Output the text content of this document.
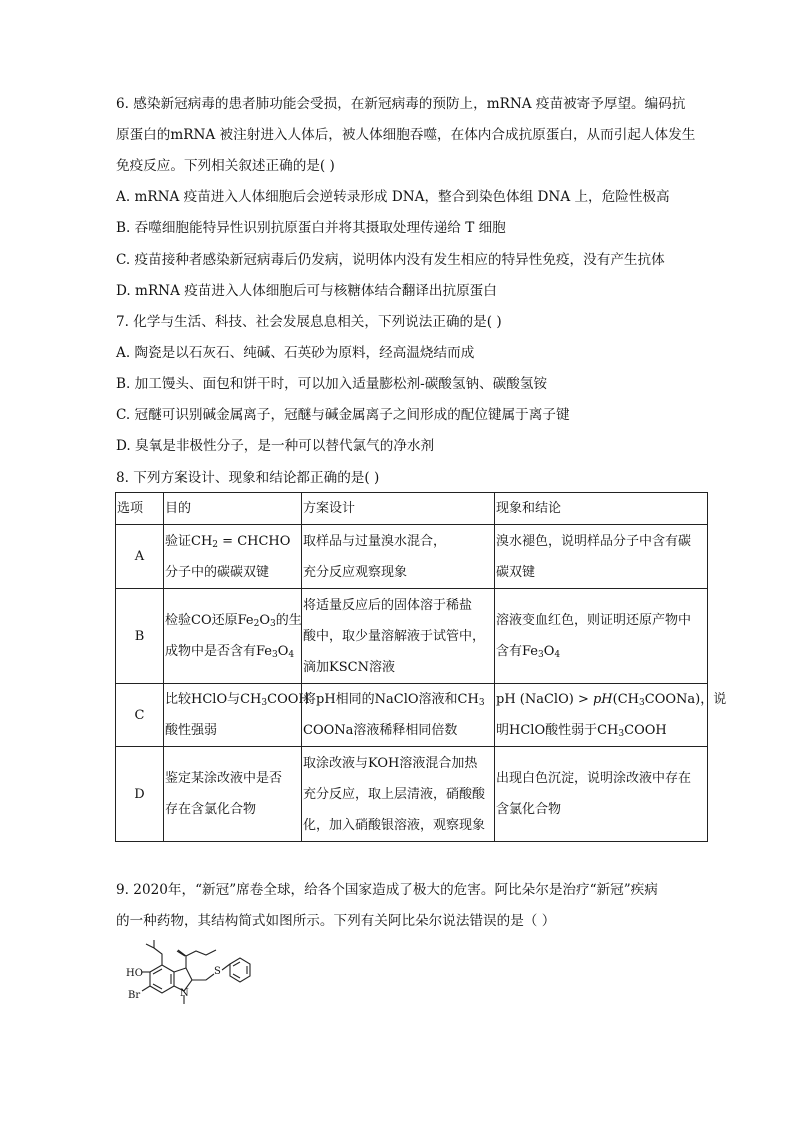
6. 感染新冠病毒的患者肺功能会受损，在新冠病毒的预防上，mRNA 疫苗被寄予厚望。编码抗
原蛋白的mRNA 被注射进入人体后，被人体细胞吞噬，在体内合成抗原蛋白，从而引起人体发生
免疫反应。下列相关叙述正确的是( )
A. mRNA 疫苗进入人体细胞后会逆转录形成 DNA，整合到染色体组 DNA 上，危险性极高
B. 吞噬细胞能特异性识别抗原蛋白并将其摄取处理传递给 T 细胞
C. 疫苗接种者感染新冠病毒后仍发病，说明体内没有发生相应的特异性免疫，没有产生抗体
D. mRNA 疫苗进入人体细胞后可与核糖体结合翻译出抗原蛋白
7. 化学与生活、科技、社会发展息息相关，下列说法正确的是( )
A. 陶瓷是以石灰石、纯碱、石英砂为原料，经高温烧结而成
B. 加工馒头、面包和饼干时，可以加入适量膨松剂-碳酸氢钠、碳酸氢铵
C. 冠醚可识别碱金属离子，冠醚与碱金属离子之间形成的配位键属于离子键
D. 臭氧是非极性分子，是一种可以替代氯气的净水剂
8. 下列方案设计、现象和结论都正确的是( )
选项	目的	方案设计	现象和结论
A	验证$CH_2$ = CHCHO
分子中的碳碳双键	取样品与过量溴水混合，
充分反应观察现象	溴水褪色，说明样品分子中含有碳
碳双键

B	检验CO还原$Fe_2O_3$的生
成物中是否含有$Fe_3O_4$	将适量反应后的固体溶于稀盐
酸中，取少量溶解液于试管中，
滴加KSCN溶液	溶液变血红色，则证明还原产物中
含有$Fe_3O_4$

C	比较HClO与$CH_3COOH$
酸性强弱	将pH相同的NaClO溶液和$CH_3$
COONa溶液稀释相同倍数	pH (NaClO) > $pH(CH_3COONa)$，说
明HClO酸性弱于$CH_3COOH$

D	鉴定某涂改液中是否
存在含氯化合物	取涂改液与KOH溶液混合加热
充分反应，取上层清液，硝酸酸
化，加入硝酸银溶液，观察现象	出现白色沉淀，说明涂改液中存在
含氯化合物
9. 2020年，“新冠”席卷全球，给各个国家造成了极大的危害。阿比朵尔是治疗“新冠”疾病
的一种药物，其结构简式如图所示。下列有关阿比朵尔说法错误的是（ ）
HO
Br	N
S
